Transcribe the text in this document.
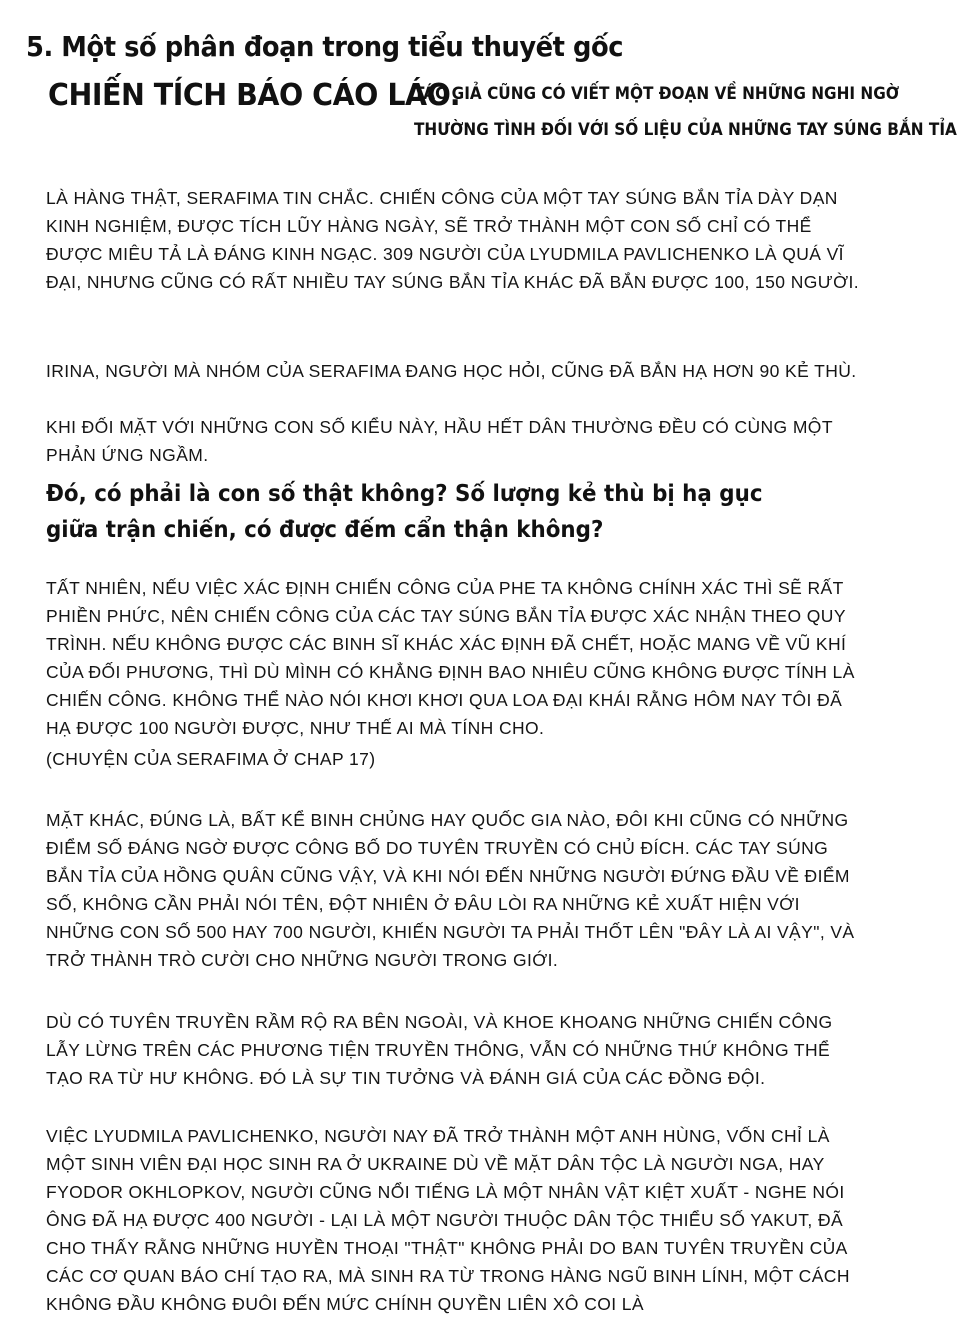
5. Một số phân đoạn trong tiểu thuyết gốc
CHIẾN TÍCH BÁO CÁO LÁO.
TÁC GIẢ CŨNG CÓ VIẾT MỘT ĐOẠN VỀ NHỮNG NGHI NGỜ
THƯỜNG TÌNH ĐỐI VỚI SỐ LIỆU CỦA NHỮNG TAY SÚNG BẮN TỈA

LÀ HÀNG THẬT, SERAFIMA TIN CHẮC. CHIẾN CÔNG CỦA MỘT TAY SÚNG BẮN TỈA DÀY DẠN KINH NGHIỆM, ĐƯỢC TÍCH LŨY HÀNG NGÀY, SẼ TRỞ THÀNH MỘT CON SỐ CHỈ CÓ THỂ ĐƯỢC MIÊU TẢ LÀ ĐÁNG KINH NGẠC. 309 NGƯỜI CỦA LYUDMILA PAVLICHENKO LÀ QUÁ VĨ ĐẠI, NHƯNG CŨNG CÓ RẤT NHIỀU TAY SÚNG BẮN TỈA KHÁC ĐÃ BẮN ĐƯỢC 100, 150 NGƯỜI.

IRINA, NGƯỜI MÀ NHÓM CỦA SERAFIMA ĐANG HỌC HỎI, CŨNG ĐÃ BẮN HẠ HƠN 90 KẺ THÙ.

KHI ĐỐI MẶT VỚI NHỮNG CON SỐ KIỂU NÀY, HẦU HẾT DÂN THƯỜNG ĐỀU CÓ CÙNG MỘT PHẢN ỨNG NGẦM.

Đó, có phải là con số thật không? Số lượng kẻ thù bị hạ gục giữa trận chiến, có được đếm cẩn thận không?

TẤT NHIÊN, NẾU VIỆC XÁC ĐỊNH CHIẾN CÔNG CỦA PHE TA KHÔNG CHÍNH XÁC THÌ SẼ RẤT PHIỀN PHỨC, NÊN CHIẾN CÔNG CỦA CÁC TAY SÚNG BẮN TỈA ĐƯỢC XÁC NHẬN THEO QUY TRÌNH. NẾU KHÔNG ĐƯỢC CÁC BINH SĨ KHÁC XÁC ĐỊNH ĐÃ CHẾT, HOẶC MANG VỀ VŨ KHÍ CỦA ĐỐI PHƯƠNG, THÌ DÙ MÌNH CÓ KHẲNG ĐỊNH BAO NHIÊU CŨNG KHÔNG ĐƯỢC TÍNH LÀ CHIẾN CÔNG. KHÔNG THỂ NÀO NÓI KHƠI KHƠI QUA LOA ĐẠI KHÁI RẰNG HÔM NAY TÔI ĐÃ HẠ ĐƯỢC 100 NGƯỜI ĐƯỢC, NHƯ THẾ AI MÀ TÍNH CHO.

(CHUYỆN CỦA SERAFIMA Ở CHAP 17)

MẶT KHÁC, ĐÚNG LÀ, BẤT KỂ BINH CHỦNG HAY QUỐC GIA NÀO, ĐÔI KHI CŨNG CÓ NHỮNG ĐIỂM SỐ ĐÁNG NGỜ ĐƯỢC CÔNG BỐ DO TUYÊN TRUYỀN CÓ CHỦ ĐÍCH. CÁC TAY SÚNG BẮN TỈA CỦA HỒNG QUÂN CŨNG VẬY, VÀ KHI NÓI ĐẾN NHỮNG NGƯỜI ĐỨNG ĐẦU VỀ ĐIỂM SỐ, KHÔNG CẦN PHẢI NÓI TÊN, ĐỘT NHIÊN Ở ĐÂU LÒI RA NHỮNG KẺ XUẤT HIỆN VỚI NHỮNG CON SỐ 500 HAY 700 NGƯỜI, KHIẾN NGƯỜI TA PHẢI THỐT LÊN "ĐÂY LÀ AI VẬY", VÀ TRỞ THÀNH TRÒ CƯỜI CHO NHỮNG NGƯỜI TRONG GIỚI.

DÙ CÓ TUYÊN TRUYỀN RẦM RỘ RA BÊN NGOÀI, VÀ KHOE KHOANG NHỮNG CHIẾN CÔNG LẪY LỪNG TRÊN CÁC PHƯƠNG TIỆN TRUYỀN THÔNG, VẪN CÓ NHỮNG THỨ KHÔNG THỂ TẠO RA TỪ HƯ KHÔNG. ĐÓ LÀ SỰ TIN TƯỞNG VÀ ĐÁNH GIÁ CỦA CÁC ĐỒNG ĐỘI.

VIỆC LYUDMILA PAVLICHENKO, NGƯỜI NAY ĐÃ TRỞ THÀNH MỘT ANH HÙNG, VỐN CHỈ LÀ MỘT SINH VIÊN ĐẠI HỌC SINH RA Ở UKRAINE DÙ VỀ MẶT DÂN TỘC LÀ NGƯỜI NGA, HAY FYODOR OKHLOPKOV, NGƯỜI CŨNG NỔI TIẾNG LÀ MỘT NHÂN VẬT KIỆT XUẤT - NGHE NÓI ÔNG ĐÃ HẠ ĐƯỢC 400 NGƯỜI - LẠI LÀ MỘT NGƯỜI THUỘC DÂN TỘC THIỂU SỐ YAKUT, ĐÃ CHO THẤY RẰNG NHỮNG HUYỀN THOẠI "THẬT" KHÔNG PHẢI DO BAN TUYÊN TRUYỀN CỦA CÁC CƠ QUAN BÁO CHÍ TẠO RA, MÀ SINH RA TỪ TRONG HÀNG NGŨ BINH LÍNH, MỘT CÁCH KHÔNG ĐẦU KHÔNG ĐUÔI ĐẾN MỨC CHÍNH QUYỀN LIÊN XÔ COI LÀ
